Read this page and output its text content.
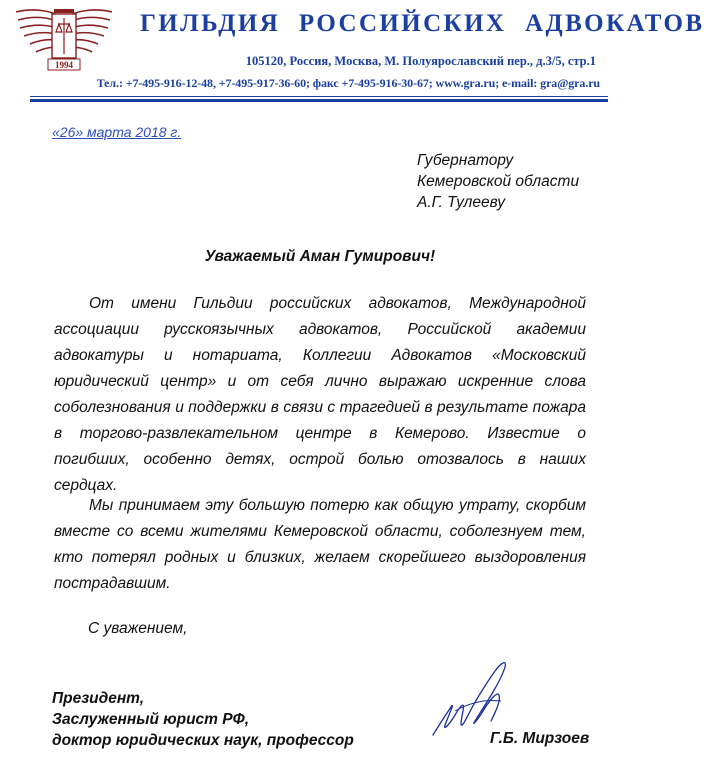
1994
ГИЛЬДИЯ РОССИЙСКИХ АДВОКАТОВ
105120, Россия, Москва, М. Полуярославский пер., д.3/5, стр.1
Тел.: +7-495-916-12-48, +7-495-917-36-60; факс +7-495-916-30-67; www.gra.ru; e-mail: gra@gra.ru
«26» марта 2018 г.
Губернатору
Кемеровской области
А.Г. Тулееву
Уважаемый Аман Гумирович!

От имени Гильдии российских адвокатов, Международной ассоциации русскоязычных адвокатов, Российской академии адвокатуры и нотариата, Коллегии Адвокатов «Московский юридический центр» и от себя лично выражаю искренние слова соболезнования и поддержки в связи с трагедией в результате пожара в торгово-развлекательном центре в Кемерово. Известие о погибших, особенно детях, острой болью отозвалось в наших сердцах.

Мы принимаем эту большую потерю как общую утрату, скорбим вместе со всеми жителями Кемеровской области, соболезнуем тем, кто потерял родных и близких, желаем скорейшего выздоровления пострадавшим.

С уважением,
Президент,
Заслуженный юрист РФ,
доктор юридических наук, профессор	Г.Б. Мирзоев
